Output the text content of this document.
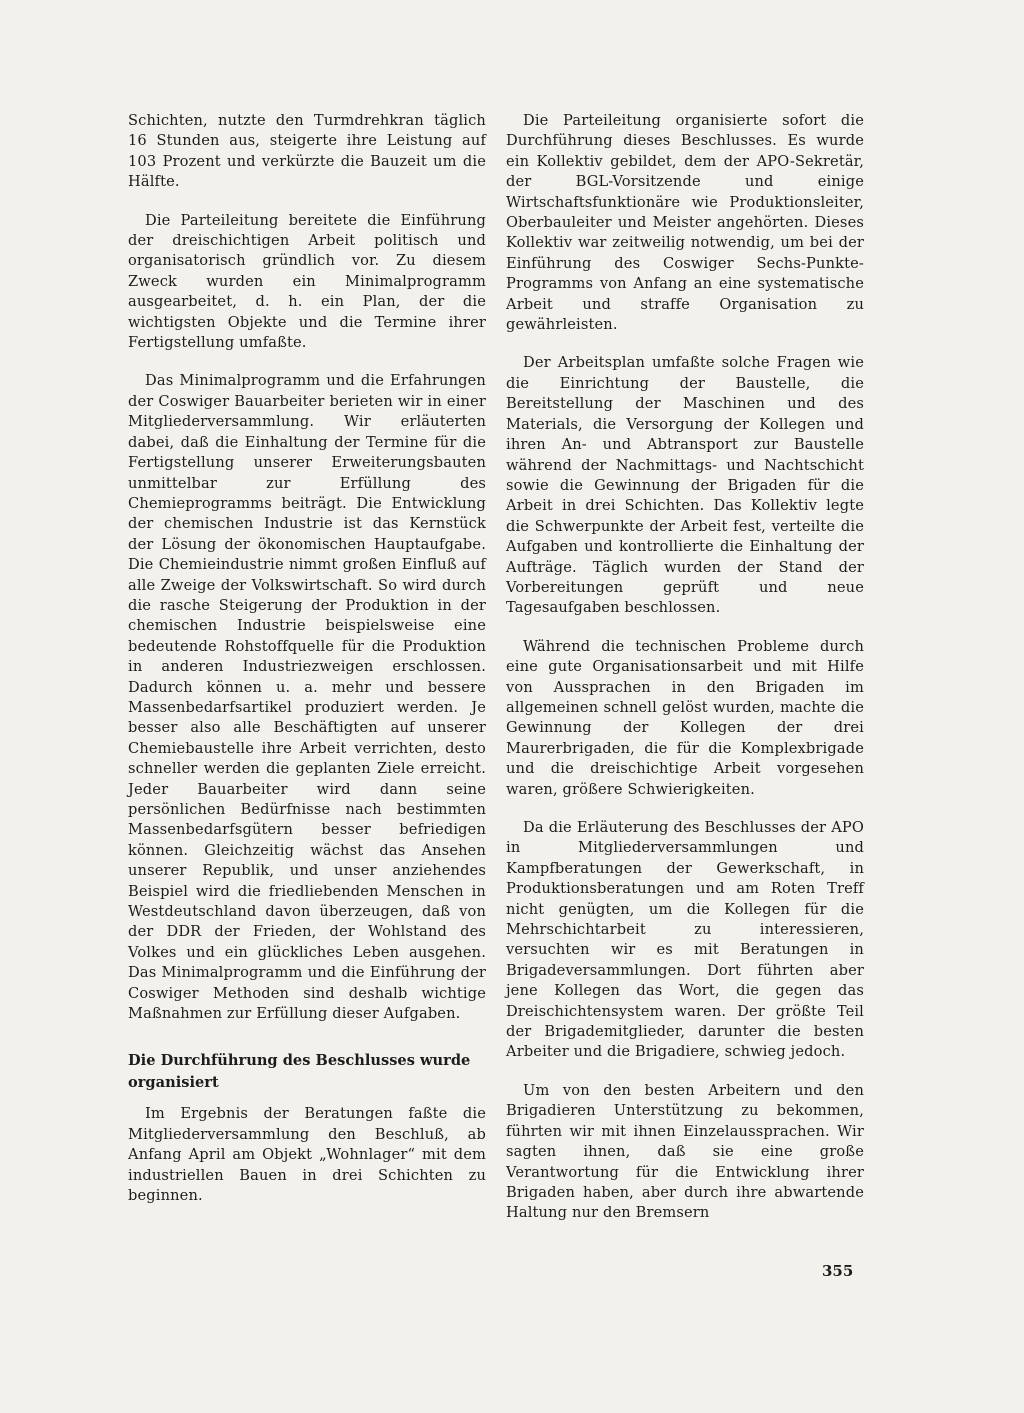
Schichten, nutzte den Turmdrehkran täglich 16 Stunden aus, steigerte ihre Leistung auf 103 Prozent und verkürzte die Bauzeit um die Hälfte.

Die Parteileitung bereitete die Einführung der dreischichtigen Arbeit politisch und organisatorisch gründlich vor. Zu diesem Zweck wurden ein Minimalprogramm ausgearbeitet, d. h. ein Plan, der die wichtigsten Objekte und die Termine ihrer Fertigstellung umfaßte.

Das Minimalprogramm und die Erfahrungen der Coswiger Bauarbeiter berieten wir in einer Mitgliederversammlung. Wir erläuterten dabei, daß die Einhaltung der Termine für die Fertigstellung unserer Erweiterungsbauten unmittelbar zur Erfüllung des Chemieprogramms beiträgt. Die Entwicklung der chemischen Industrie ist das Kernstück der Lösung der ökonomischen Hauptaufgabe. Die Chemieindustrie nimmt großen Einfluß auf alle Zweige der Volkswirtschaft. So wird durch die rasche Steigerung der Produktion in der chemischen Industrie beispielsweise eine bedeutende Rohstoffquelle für die Produktion in anderen Industriezweigen erschlossen. Dadurch können u. a. mehr und bessere Massenbedarfsartikel produziert werden. Je besser also alle Beschäftigten auf unserer Chemiebaustelle ihre Arbeit verrichten, desto schneller werden die geplanten Ziele erreicht. Jeder Bauarbeiter wird dann seine persönlichen Bedürfnisse nach bestimmten Massenbedarfsgütern besser befriedigen können. Gleichzeitig wächst das Ansehen unserer Republik, und unser anziehendes Beispiel wird die friedliebenden Menschen in Westdeutschland davon überzeugen, daß von der DDR der Frieden, der Wohlstand des Volkes und ein glückliches Leben ausgehen. Das Minimalprogramm und die Einführung der Coswiger Methoden sind deshalb wichtige Maßnahmen zur Erfüllung dieser Aufgaben.

Die Durchführung des Beschlusses wurde organisiert

Im Ergebnis der Beratungen faßte die Mitgliederversammlung den Beschluß, ab Anfang April am Objekt „Wohnlager“ mit dem industriellen Bauen in drei Schichten zu beginnen.

Die Parteileitung organisierte sofort die Durchführung dieses Beschlusses. Es wurde ein Kollektiv gebildet, dem der APO-Sekretär, der BGL-Vorsitzende und einige Wirtschaftsfunktionäre wie Produktionsleiter, Oberbauleiter und Meister angehörten. Dieses Kollektiv war zeitweilig notwendig, um bei der Einführung des Coswiger Sechs-Punkte-Programms von Anfang an eine systematische Arbeit und straffe Organisation zu gewährleisten.

Der Arbeitsplan umfaßte solche Fragen wie die Einrichtung der Baustelle, die Bereitstellung der Maschinen und des Materials, die Versorgung der Kollegen und ihren An- und Abtransport zur Baustelle während der Nachmittags- und Nachtschicht sowie die Gewinnung der Brigaden für die Arbeit in drei Schichten. Das Kollektiv legte die Schwerpunkte der Arbeit fest, verteilte die Aufgaben und kontrollierte die Einhaltung der Aufträge. Täglich wurden der Stand der Vorbereitungen geprüft und neue Tagesaufgaben beschlossen.

Während die technischen Probleme durch eine gute Organisationsarbeit und mit Hilfe von Aussprachen in den Brigaden im allgemeinen schnell gelöst wurden, machte die Gewinnung der Kollegen der drei Maurerbrigaden, die für die Komplexbrigade und die dreischichtige Arbeit vorgesehen waren, größere Schwierigkeiten.

Da die Erläuterung des Beschlusses der APO in Mitgliederversammlungen und Kampfberatungen der Gewerkschaft, in Produktionsberatungen und am Roten Treff nicht genügten, um die Kollegen für die Mehrschichtarbeit zu interessieren, versuchten wir es mit Beratungen in Brigadeversammlungen. Dort führten aber jene Kollegen das Wort, die gegen das Dreischichtensystem waren. Der größte Teil der Brigademitglieder, darunter die besten Arbeiter und die Brigadiere, schwieg jedoch.

Um von den besten Arbeitern und den Brigadieren Unterstützung zu bekommen, führten wir mit ihnen Einzelaussprachen. Wir sagten ihnen, daß sie eine große Verantwortung für die Entwicklung ihrer Brigaden haben, aber durch ihre abwartende Haltung nur den Bremsern

355
